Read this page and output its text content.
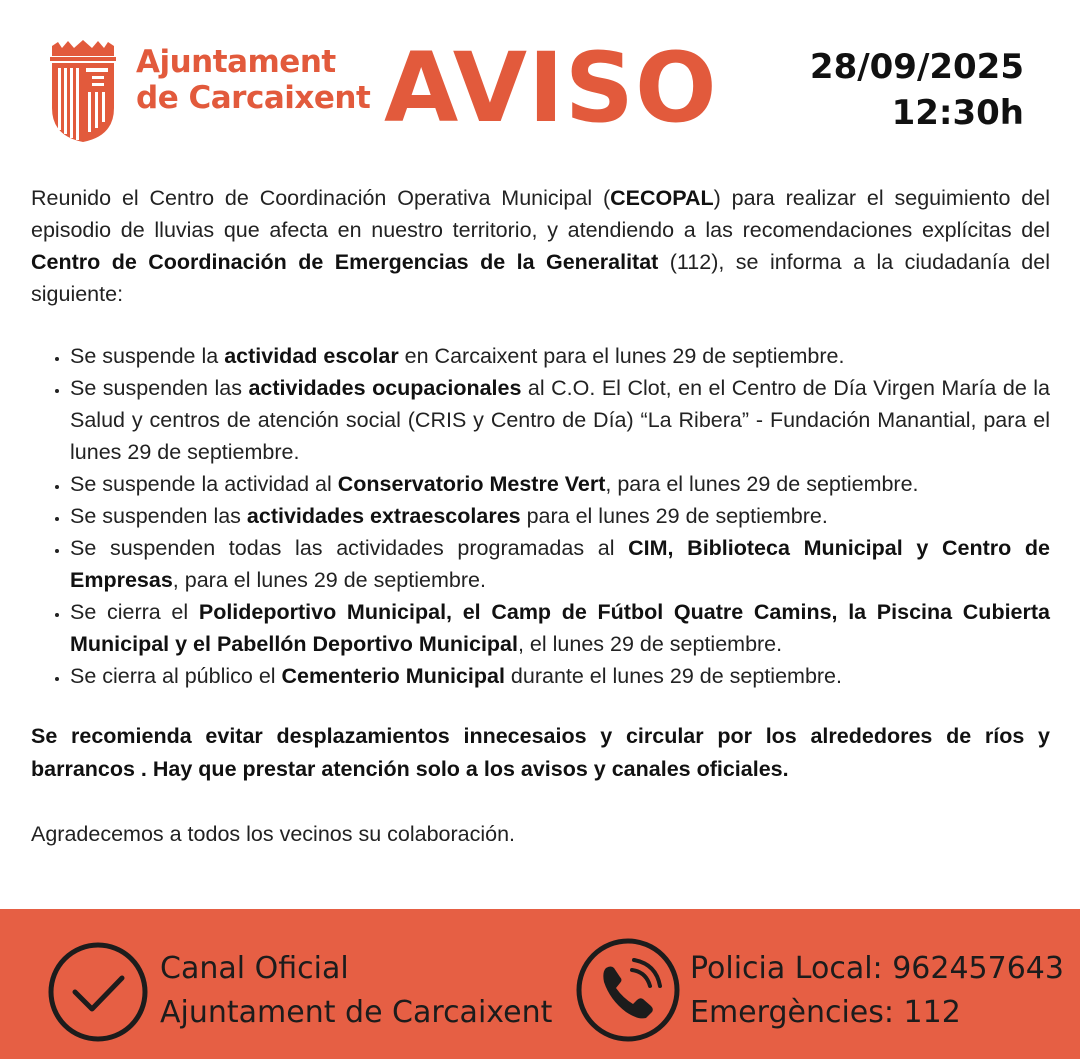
Ajuntament
de Carcaixent AVISO	28/09/2025
12:30h

Reunido el Centro de Coordinación Operativa Municipal (CECOPAL) para realizar el seguimiento del episodio de lluvias que afecta en nuestro territorio, y atendiendo a las recomendaciones explícitas del Centro de Coordinación de Emergencias de la Generalitat (112), se informa a la ciudadanía del siguiente:

• Se suspende la actividad escolar en Carcaixent para el lunes 29 de septiembre.
• Se suspenden las actividades ocupacionales al C.O. El Clot, en el Centro de Día Virgen María de la Salud y centros de atención social (CRIS y Centro de Día) “La Ribera” - Fundación Manantial, para el lunes 29 de septiembre.
• Se suspende la actividad al Conservatorio Mestre Vert, para el lunes 29 de septiembre.
• Se suspenden las actividades extraescolares para el lunes 29 de septiembre.
• Se suspenden todas las actividades programadas al CIM, Biblioteca Municipal y Centro de Empresas, para el lunes 29 de septiembre.
• Se cierra el Polideportivo Municipal, el Camp de Fútbol Quatre Camins, la Piscina Cubierta Municipal y el Pabellón Deportivo Municipal, el lunes 29 de septiembre.
• Se cierra al público el Cementerio Municipal durante el lunes 29 de septiembre.

Se recomienda evitar desplazamientos innecesaios y circular por los alrededores de ríos y barrancos . Hay que prestar atención solo a los avisos y canales oficiales.

Agradecemos a todos los vecinos su colaboración.

Canal Oficial
Ajuntament de Carcaixent
Policia Local: 962457643
Emergències: 112
